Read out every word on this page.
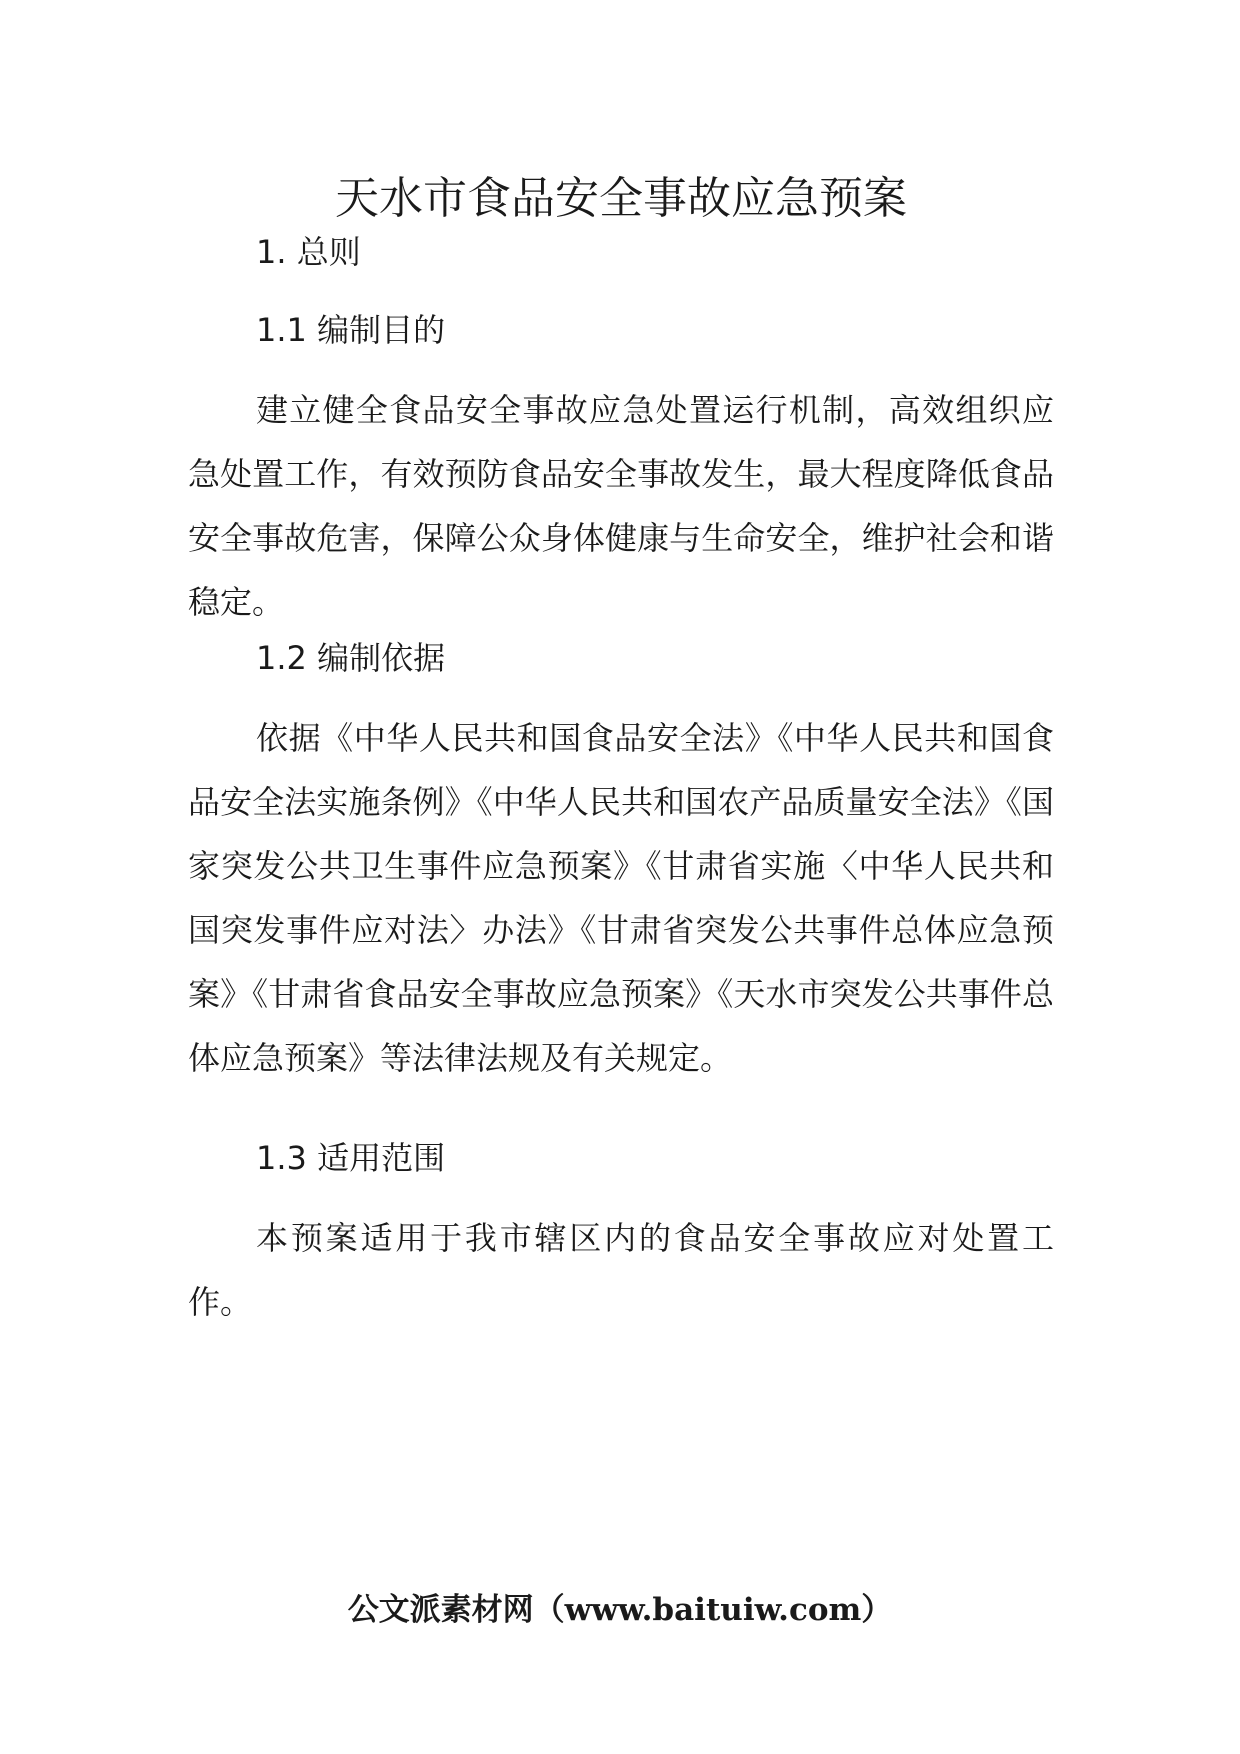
天水市食品安全事故应急预案
1. 总则
1.1 编制目的

建立健全食品安全事故应急处置运行机制，高效组织应急处置工作，有效预防食品安全事故发生，最大程度降低食品安全事故危害，保障公众身体健康与生命安全，维护社会和谐稳定。

1.2 编制依据

依据《中华人民共和国食品安全法》《中华人民共和国食品安全法实施条例》《中华人民共和国农产品质量安全法》《国家突发公共卫生事件应急预案》《甘肃省实施〈中华人民共和国突发事件应对法〉办法》《甘肃省突发公共事件总体应急预案》《甘肃省食品安全事故应急预案》《天水市突发公共事件总体应急预案》等法律法规及有关规定。

1.3 适用范围

本预案适用于我市辖区内的食品安全事故应对处置工作。

公文派素材网（www.baituiw.com）
